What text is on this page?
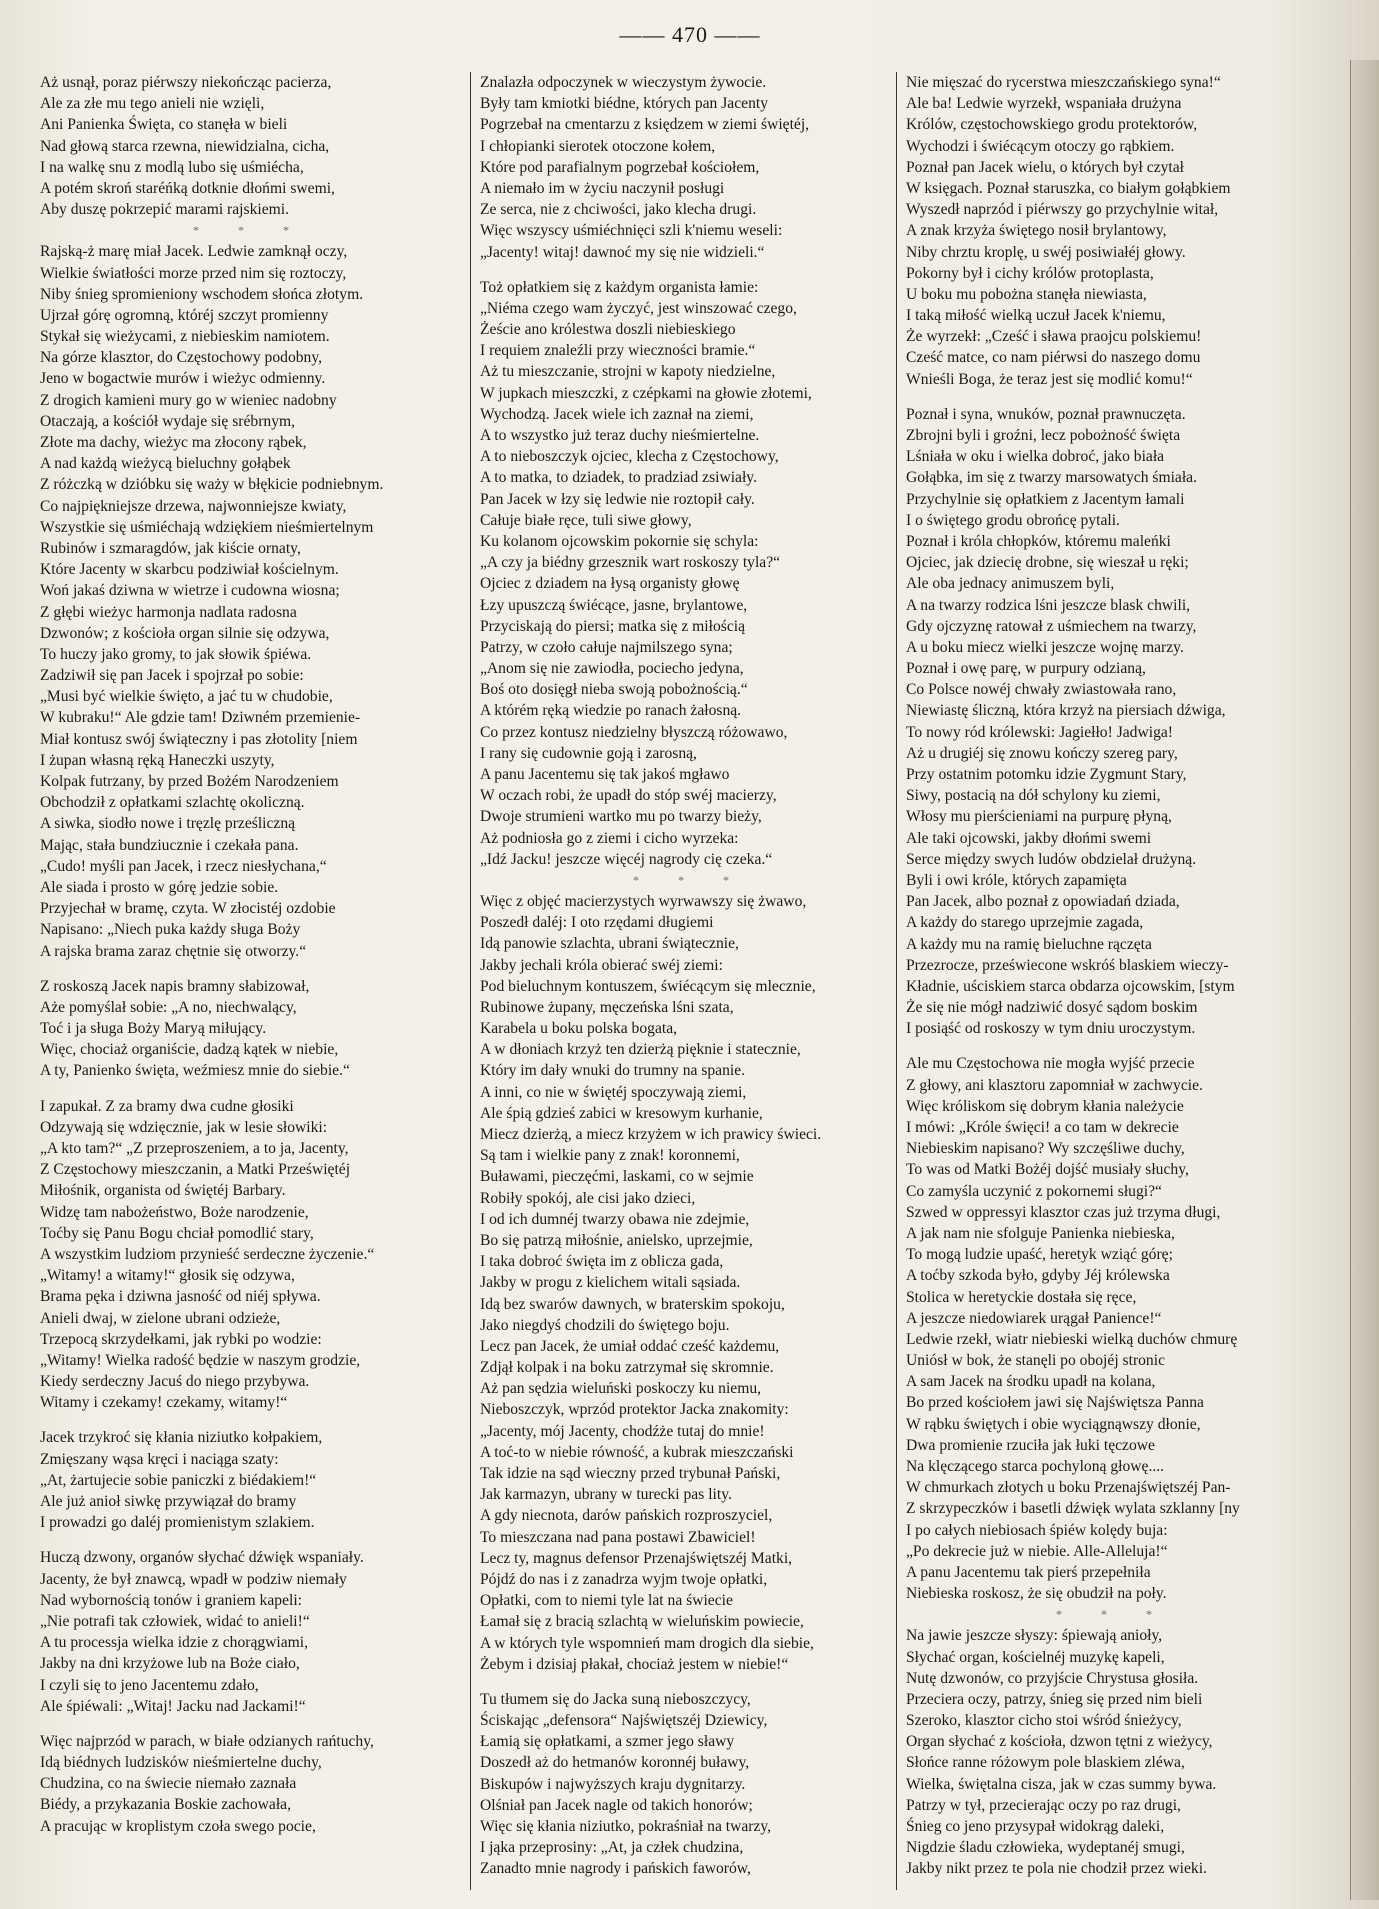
—— 470 ——
Aż usnął, poraz piérwszy niekończąc pacierza,
Ale za złe mu tego anieli nie wzięli,
Ani Panienka Święta, co stanęła w bieli
Nad głową starca rzewna, niewidzialna, cicha,
I na walkę snu z modlą lubo się uśmiécha,
A potém skroń staréńką dotknie dłońmi swemi,
Aby duszę pokrzepić marami rajskiemi.
* * *
Rajską-ż marę miał Jacek. Ledwie zamknął oczy,
Wielkie światłości morze przed nim się roztoczy,
Niby śnieg spromieniony wschodem słońca złotym.
Ujrzał górę ogromną, któréj szczyt promienny
Stykał się wieżycami, z niebieskim namiotem.
Na górze klasztor, do Częstochowy podobny,
Jeno w bogactwie murów i wieżyc odmienny.
Z drogich kamieni mury go w wieniec nadobny
Otaczają, a kościół wydaje się srébrnym,
Złote ma dachy, wieżyc ma złocony rąbek,
A nad każdą wieżycą bieluchny gołąbek
Z różczką w dzióbku się waży w błękicie podniebnym.
Co najpiękniejsze drzewa, najwonniejsze kwiaty,
Wszystkie się uśmiéchają wdziękiem nieśmiertelnym
Rubinów i szmaragdów, jak kiście ornaty,
Które Jacenty w skarbcu podziwiał kościelnym.
Woń jakaś dziwna w wietrze i cudowna wiosna;
Z głębi wieżyc harmonja nadlata radosna
Dzwonów; z kościoła organ silnie się odzywa,
To huczy jako gromy, to jak słowik śpiéwa.
Zadziwił się pan Jacek i spojrzał po sobie:
„Musi być wielkie święto, a jać tu w chudobie,
W kubraku!“ Ale gdzie tam! Dziwném przemienie-
Miał kontusz swój świąteczny i pas złotolity [niem
I żupan własną ręką Haneczki uszyty,
Kolpak futrzany, by przed Bożém Narodzeniem
Obchodził z opłatkami szlachtę okoliczną.
A siwka, siodło nowe i tręzlę prześliczną
Mając, stała bundziucznie i czekała pana.
„Cudo! myśli pan Jacek, i rzecz niesłychana,“
Ale siada i prosto w górę jedzie sobie.
Przyjechał w bramę, czyta. W złocistéj ozdobie
Napisano: „Niech puka każdy sługa Boży
A rajska brama zaraz chętnie się otworzy.“
Z roskoszą Jacek napis bramny słabizował,
Aże pomyślał sobie: „A no, niechwalący,
Toć i ja sługa Boży Maryą miłujący.
Więc, chociaż organiście, dadzą kątek w niebie,
A ty, Panienko święta, weźmiesz mnie do siebie.“
I zapukał. Z za bramy dwa cudne głosiki
Odzywają się wdzięcznie, jak w lesie słowiki:
„A kto tam?“ „Z przeproszeniem, a to ja, Jacenty,
Z Częstochowy mieszczanin, a Matki Przeświętéj
Miłośnik, organista od świętéj Barbary.
Widzę tam nabożeństwo, Boże narodzenie,
Toćby się Panu Bogu chciał pomodlić stary,
A wszystkim ludziom przynieść serdeczne życzenie.“
„Witamy! a witamy!“ głosik się odzywa,
Brama pęka i dziwna jasność od niéj spływa.
Anieli dwaj, w zielone ubrani odzieże,
Trzepocą skrzydełkami, jak rybki po wodzie:
„Witamy! Wielka radość będzie w naszym grodzie,
Kiedy serdeczny Jacuś do niego przybywa.
Witamy i czekamy! czekamy, witamy!“
Jacek trzykroć się kłania niziutko kołpakiem,
Zmięszany wąsa kręci i naciąga szaty:
„At, żartujecie sobie paniczki z biédakiem!“
Ale już anioł siwkę przywiązał do bramy
I prowadzi go daléj promienistym szlakiem.
Huczą dzwony, organów słychać dźwięk wspaniały.
Jacenty, że był znawcą, wpadł w podziw niemały
Nad wybornością tonów i graniem kapeli:
„Nie potrafi tak człowiek, widać to anieli!“
A tu processja wielka idzie z chorągwiami,
Jakby na dni krzyżowe lub na Boże ciało,
I czyli się to jeno Jacentemu zdało,
Ale śpiéwali: „Witaj! Jacku nad Jackami!“
Więc najprzód w parach, w białe odzianych rańtuchy,
Idą biédnych ludzisków nieśmiertelne duchy,
Chudzina, co na świecie niemało zaznała
Biédy, a przykazania Boskie zachowała,
A pracując w kroplistym czoła swego pocie,
Znalazła odpoczynek w wieczystym żywocie.
Były tam kmiotki biédne, których pan Jacenty
Pogrzebał na cmentarzu z księdzem w ziemi świętéj,
I chłopianki sierotek otoczone kołem,
Które pod parafialnym pogrzebał kościołem,
A niemało im w życiu naczynił posługi
Ze serca, nie z chciwości, jako klecha drugi.
Więc wszyscy uśmiéchnięci szli k'niemu weseli:
„Jacenty! witaj! dawnoć my się nie widzieli.“
Toż opłatkiem się z każdym organista łamie:
„Niéma czego wam życzyć, jest winszować czego,
Żeście ano królestwa doszli niebieskiego
I requiem znaleźli przy wieczności bramie.“
Aż tu mieszczanie, strojni w kapoty niedzielne,
W jupkach mieszczki, z czépkami na głowie złotemi,
Wychodzą. Jacek wiele ich zaznał na ziemi,
A to wszystko już teraz duchy nieśmiertelne.
A to nieboszczyk ojciec, klecha z Częstochowy,
A to matka, to dziadek, to pradziad zsiwiały.
Pan Jacek w łzy się ledwie nie roztopił cały.
Całuje białe ręce, tuli siwe głowy,
Ku kolanom ojcowskim pokornie się schyla:
„A czy ja biédny grzesznik wart roskoszy tyla?“
Ojciec z dziadem na łysą organisty głowę
Łzy upuszczą świécące, jasne, brylantowe,
Przyciskają do piersi; matka się z miłością
Patrzy, w czoło całuje najmilszego syna;
„Anom się nie zawiodła, pociecho jedyna,
Boś oto dosięgł nieba swoją pobożnością.“
A którém ręką wiedzie po ranach żałosną.
Co przez kontusz niedzielny błyszczą różowawo,
I rany się cudownie goją i zarosną,
A panu Jacentemu się tak jakoś mgławo
W oczach robi, że upadł do stóp swéj macierzy,
Dwoje strumieni wartko mu po twarzy bieży,
Aż podniosła go z ziemi i cicho wyrzeka:
„Idź Jacku! jeszcze więcéj nagrody cię czeka.“
* * *
Więc z objęć macierzystych wyrwawszy się żwawo,
Poszedł daléj: I oto rzędami długiemi
Idą panowie szlachta, ubrani świątecznie,
Jakby jechali króla obierać swéj ziemi:
Pod bieluchnym kontuszem, świécącym się mlecznie,
Rubinowe żupany, męczeńska lśni szata,
Karabela u boku polska bogata,
A w dłoniach krzyż ten dzierżą pięknie i statecznie,
Który im dały wnuki do trumny na spanie.
A inni, co nie w świętéj spoczywają ziemi,
Ale śpią gdzieś zabici w kresowym kurhanie,
Miecz dzierżą, a miecz krzyżem w ich prawicy świeci.
Są tam i wielkie pany z znak! koronnemi,
Buławami, pieczęćmi, laskami, co w sejmie
Robiły spokój, ale cisi jako dzieci,
I od ich dumnéj twarzy obawa nie zdejmie,
Bo się patrzą miłośnie, anielsko, uprzejmie,
I taka dobroć święta im z oblicza gada,
Jakby w progu z kielichem witali sąsiada.
Idą bez swarów dawnych, w braterskim spokoju,
Jako niegdyś chodzili do świętego boju.
Lecz pan Jacek, że umiał oddać cześć każdemu,
Zdjął kolpak i na boku zatrzymał się skromnie.
Aż pan sędzia wieluński poskoczy ku niemu,
Nieboszczyk, wprzód protektor Jacka znakomity:
„Jacenty, mój Jacenty, chodźże tutaj do mnie!
A toć-to w niebie równość, a kubrak mieszczański
Tak idzie na sąd wieczny przed trybunał Pański,
Jak karmazyn, ubrany w turecki pas lity.
A gdy niecnota, darów pańskich rozproszyciel,
To mieszczana nad pana postawi Zbawiciel!
Lecz ty, magnus defensor Przenajświętszéj Matki,
Pójdź do nas i z zanadrza wyjm twoje opłatki,
Opłatki, com to niemi tyle lat na świecie
Łamał się z bracią szlachtą w wieluńskim powiecie,
A w których tyle wspomnień mam drogich dla siebie,
Żebym i dzisiaj płakał, chociaż jestem w niebie!“
Tu tłumem się do Jacka suną nieboszczycy,
Ściskając „defensora“ Najświętszéj Dziewicy,
Łamią się opłatkami, a szmer jego sławy
Doszedł aż do hetmanów koronnéj buławy,
Biskupów i najwyższych kraju dygnitarzy.
Olśniał pan Jacek nagle od takich honorów;
Więc się kłania niziutko, pokraśniał na twarzy,
I jąka przeprosiny: „At, ja człek chudzina,
Zanadto mnie nagrody i pańskich faworów,
Nie mięszać do rycerstwa mieszczańskiego syna!“
Ale ba! Ledwie wyrzekł, wspaniała drużyna
Królów, częstochowskiego grodu protektorów,
Wychodzi i świécącym otoczy go rąbkiem.
Poznał pan Jacek wielu, o których był czytał
W księgach. Poznał staruszka, co białym gołąbkiem
Wyszedł naprzód i piérwszy go przychylnie witał,
A znak krzyża świętego nosił brylantowy,
Niby chrztu kroplę, u swéj posiwiałéj głowy.
Pokorny był i cichy królów protoplasta,
U boku mu pobożna stanęła niewiasta,
I taką miłość wielką uczuł Jacek k'niemu,
Że wyrzekł: „Cześć i sława praojcu polskiemu!
Cześć matce, co nam piérwsi do naszego domu
Wnieśli Boga, że teraz jest się modlić komu!“
Poznał i syna, wnuków, poznał prawnuczęta.
Zbrojni byli i groźni, lecz pobożność święta
Lśniała w oku i wielka dobroć, jako biała
Gołąbka, im się z twarzy marsowatych śmiała.
Przychylnie się opłatkiem z Jacentym łamali
I o świętego grodu obrońcę pytali.
Poznał i króla chłopków, któremu maleńki
Ojciec, jak dziecię drobne, się wieszał u ręki;
Ale oba jednacy animuszem byli,
A na twarzy rodzica lśni jeszcze blask chwili,
Gdy ojczyznę ratował z uśmiechem na twarzy,
A u boku miecz wielki jeszcze wojnę marzy.
Poznał i owę parę, w purpury odzianą,
Co Polsce nowéj chwały zwiastowała rano,
Niewiastę śliczną, która krzyż na piersiach dźwiga,
To nowy ród królewski: Jagiełło! Jadwiga!
Aż u drugiéj się znowu kończy szereg pary,
Przy ostatnim potomku idzie Zygmunt Stary,
Siwy, postacią na dół schylony ku ziemi,
Włosy mu pierścieniami na purpurę płyną,
Ale taki ojcowski, jakby dłońmi swemi
Serce między swych ludów obdzielał drużyną.
Byli i owi króle, których zapamięta
Pan Jacek, albo poznał z opowiadań dziada,
A każdy do starego uprzejmie zagada,
A każdy mu na ramię bieluchne rączęta
Przezrocze, przeświecone wskróś blaskiem wieczy-
Kładnie, uściskiem starca obdarza ojcowskim, [stym
Że się nie mógł nadziwić dosyć sądom boskim
I posiąść od roskoszy w tym dniu uroczystym.
Ale mu Częstochowa nie mogła wyjść przecie
Z głowy, ani klasztoru zapomniał w zachwycie.
Więc króliskom się dobrym kłania należycie
I mówi: „Króle święci! a co tam w dekrecie
Niebieskim napisano? Wy szczęśliwe duchy,
To was od Matki Bożéj dojść musiały słuchy,
Co zamyśla uczynić z pokornemi sługi?“
Szwed w oppressyi klasztor czas już trzyma długi,
A jak nam nie sfolguje Panienka niebieska,
To mogą ludzie upaść, heretyk wziąć górę;
A toćby szkoda było, gdyby Jéj królewska
Stolica w heretyckie dostała się ręce,
A jeszcze niedowiarek urągał Panience!“
Ledwie rzekł, wiatr niebieski wielką duchów chmurę
Uniósł w bok, że stanęli po obojéj stronic
A sam Jacek na środku upadł na kolana,
Bo przed kościołem jawi się Najświętsza Panna
W rąbku świętych i obie wyciągnąwszy dłonie,
Dwa promienie rzuciła jak łuki tęczowe
Na klęczącego starca pochyloną głowę....
W chmurkach złotych u boku Przenajświętszéj Pan-
Z skrzypeczków i basetli dźwięk wylata szklanny [ny
I po całych niebiosach śpiéw kolędy buja:
„Po dekrecie już w niebie. Alle-Alleluja!“
A panu Jacentemu tak pierś przepełniła
Niebieska roskosz, że się obudził na poły.
* * *
Na jawie jeszcze słyszy: śpiewają anioły,
Słychać organ, kościelnéj muzykę kapeli,
Nutę dzwonów, co przyjście Chrystusa głosiła.
Przeciera oczy, patrzy, śnieg się przed nim bieli
Szeroko, klasztor cicho stoi wśród śnieżycy,
Organ słychać z kościoła, dzwon tętni z wieżycy,
Słońce ranne różowym pole blaskiem zléwa,
Wielka, świętalna cisza, jak w czas summy bywa.
Patrzy w tył, przecierając oczy po raz drugi,
Śnieg co jeno przysypał widokrąg daleki,
Nigdzie śladu człowieka, wydeptanéj smugi,
Jakby nikt przez te pola nie chodził przez wieki.
